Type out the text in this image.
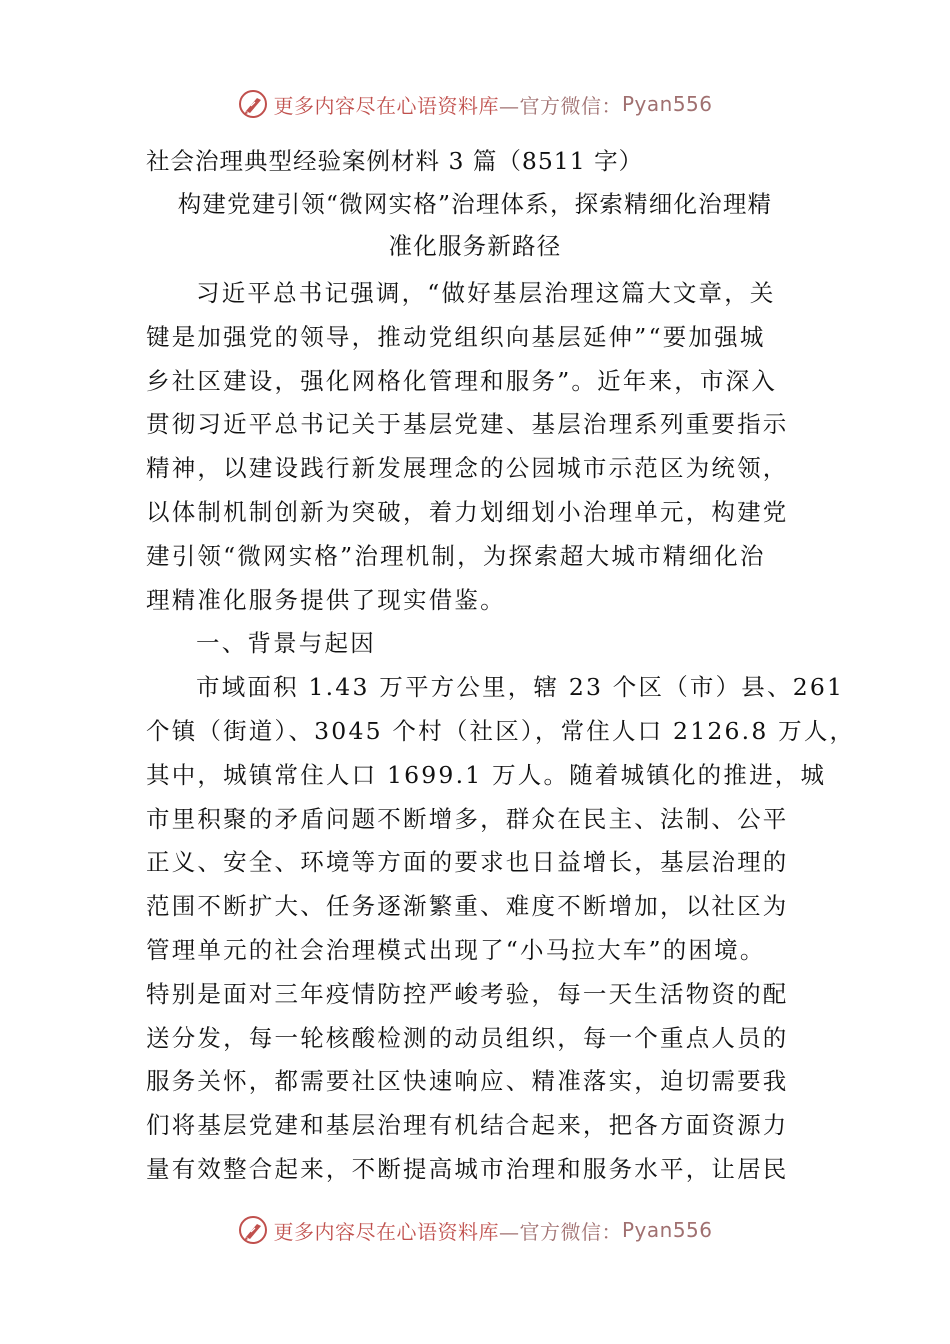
更多内容尽在心语资料库 —官方微信： Pyan556
社会治理典型经验案例材料 3 篇（8511 字）
构建党建引领“微网实格”治理体系，探索精细化治理精
准化服务新路径
习近平总书记强调，“做好基层治理这篇大文章，关
键是加强党的领导，推动党组织向基层延伸”“要加强城
乡社区建设，强化网格化管理和服务”。近年来，市深入
贯彻习近平总书记关于基层党建、基层治理系列重要指示
精神，以建设践行新发展理念的公园城市示范区为统领，
以体制机制创新为突破，着力划细划小治理单元，构建党
建引领“微网实格”治理机制，为探索超大城市精细化治
理精准化服务提供了现实借鉴。
一、背景与起因
市域面积 1.43 万平方公里，辖 23 个区（市）县、261
个镇（街道）、3045 个村（社区），常住人口 2126.8 万人，
其中，城镇常住人口 1699.1 万人。随着城镇化的推进，城
市里积聚的矛盾问题不断增多，群众在民主、法制、公平
正义、安全、环境等方面的要求也日益增长，基层治理的
范围不断扩大、任务逐渐繁重、难度不断增加，以社区为
管理单元的社会治理模式出现了“小马拉大车”的困境。
特别是面对三年疫情防控严峻考验，每一天生活物资的配
送分发，每一轮核酸检测的动员组织，每一个重点人员的
服务关怀，都需要社区快速响应、精准落实，迫切需要我
们将基层党建和基层治理有机结合起来，把各方面资源力
量有效整合起来，不断提高城市治理和服务水平，让居民
更多内容尽在心语资料库 —官方微信： Pyan556
